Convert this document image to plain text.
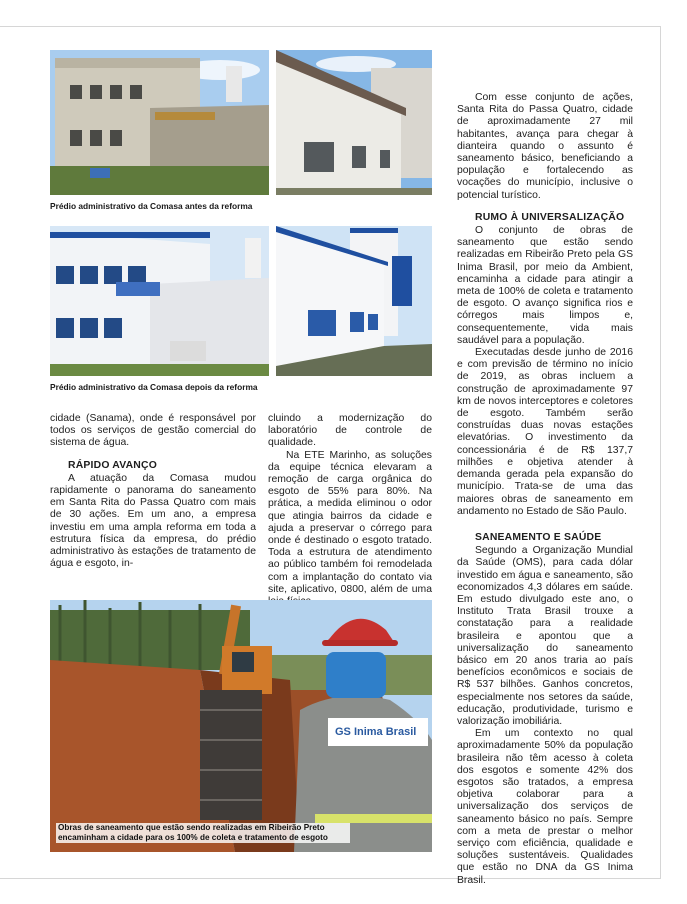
Prédio administrativo da Comasa antes da reforma
Prédio administrativo da Comasa depois da reforma

cidade (Sanama), onde é responsável por todos os serviços de gestão comercial do sistema de água.

RÁPIDO AVANÇO

A atuação da Comasa mudou rapidamente o panorama do saneamento em Santa Rita do Passa Quatro com mais de 30 ações. Em um ano, a empresa investiu em uma ampla reforma em toda a estrutura física da empresa, do prédio administrativo às estações de tratamento de água e esgoto, in-

cluindo a modernização do laboratório de controle de qualidade.

Na ETE Marinho, as soluções da equipe técnica elevaram a remoção de carga orgânica do esgoto de 55% para 80%. Na prática, a medida eliminou o odor que atingia bairros da cidade e ajuda a preservar o córrego para onde é destinado o esgoto tratado. Toda a estrutura de atendimento ao público também foi remodelada com a implantação do contato via site, aplicativo, 0800, além de uma

Com esse conjunto de ações, Santa Rita do Passa Quatro, cidade de aproximadamente 27 mil habitantes, avança para chegar à dianteira quando o assunto é saneamento básico, beneficiando a população e fortalecendo as vocações do município, inclusive o potencial turístico.

RUMO À UNIVERSALIZAÇÃO

O conjunto de obras de saneamento que estão sendo realizadas em Ribeirão Preto pela GS Inima Brasil, por meio da Ambient, encaminha a cidade para atingir a meta de 100% de coleta e tratamento de esgoto. O avanço significa rios e córregos mais limpos e, consequentemente, vida mais saudável para a população.

Executadas desde junho de 2016 e com previsão de término no início de 2019, as obras incluem a construção de aproximadamente 97 km de novos interceptores e coletores de esgoto. Também serão construídas duas novas estações elevatórias. O investimento da concessionária é de R$ 137,7 milhões e objetiva atender à demanda gerada pela expansão do município. Trata-se de uma das maiores obras de saneamento em andamento no Estado de São Paulo.

SANEAMENTO E SAÚDE

Segundo a Organização Mundial da Saúde (OMS), para cada dólar investido em água e saneamento, são economizados 4,3 dólares em saúde. Em estudo divulgado este ano, o Instituto Trata Brasil trouxe a constatação para a realidade brasileira e apontou que a universalização do saneamento básico em 20 anos traria ao país benefícios econômicos e sociais de R$ 537 bilhões. Ganhos concretos, especialmente nos setores da saúde, educação, produtividade, turismo e valorização imobiliária.

Em um contexto no qual aproximadamente 50% da população brasileira não têm acesso à coleta dos esgotos e somente 42% dos esgotos são tratados, a empresa objetiva colaborar para a universalização dos serviços de saneamento básico no país. Sempre com a meta de prestar o melhor serviço com eficiência, qualidade e soluções sustentáveis. Qualidades que estão no DNA da GS Inima Brasil.

GS Inima Brasil
Obras de saneamento que estão sendo realizadas em Ribeirão Preto encaminham a cidade para os 100% de coleta e tratamento de esgoto
